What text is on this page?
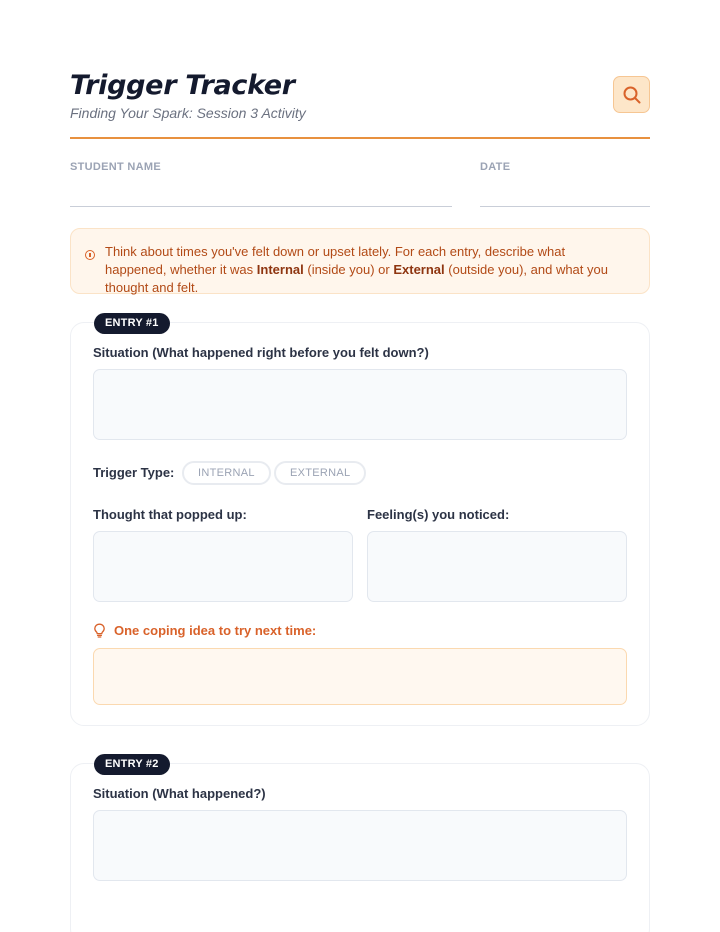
Trigger Tracker
Finding Your Spark: Session 3 Activity
STUDENT NAME	DATE
Think about times you've felt down or upset lately. For each entry, describe what happened, whether it was Internal (inside you) or External (outside you), and what you thought and felt.
ENTRY #1
Situation (What happened right before you felt down?)
Trigger Type:	INTERNAL	EXTERNAL
Thought that popped up:	Feeling(s) you noticed:
One coping idea to try next time:
ENTRY #2
Situation (What happened?)
